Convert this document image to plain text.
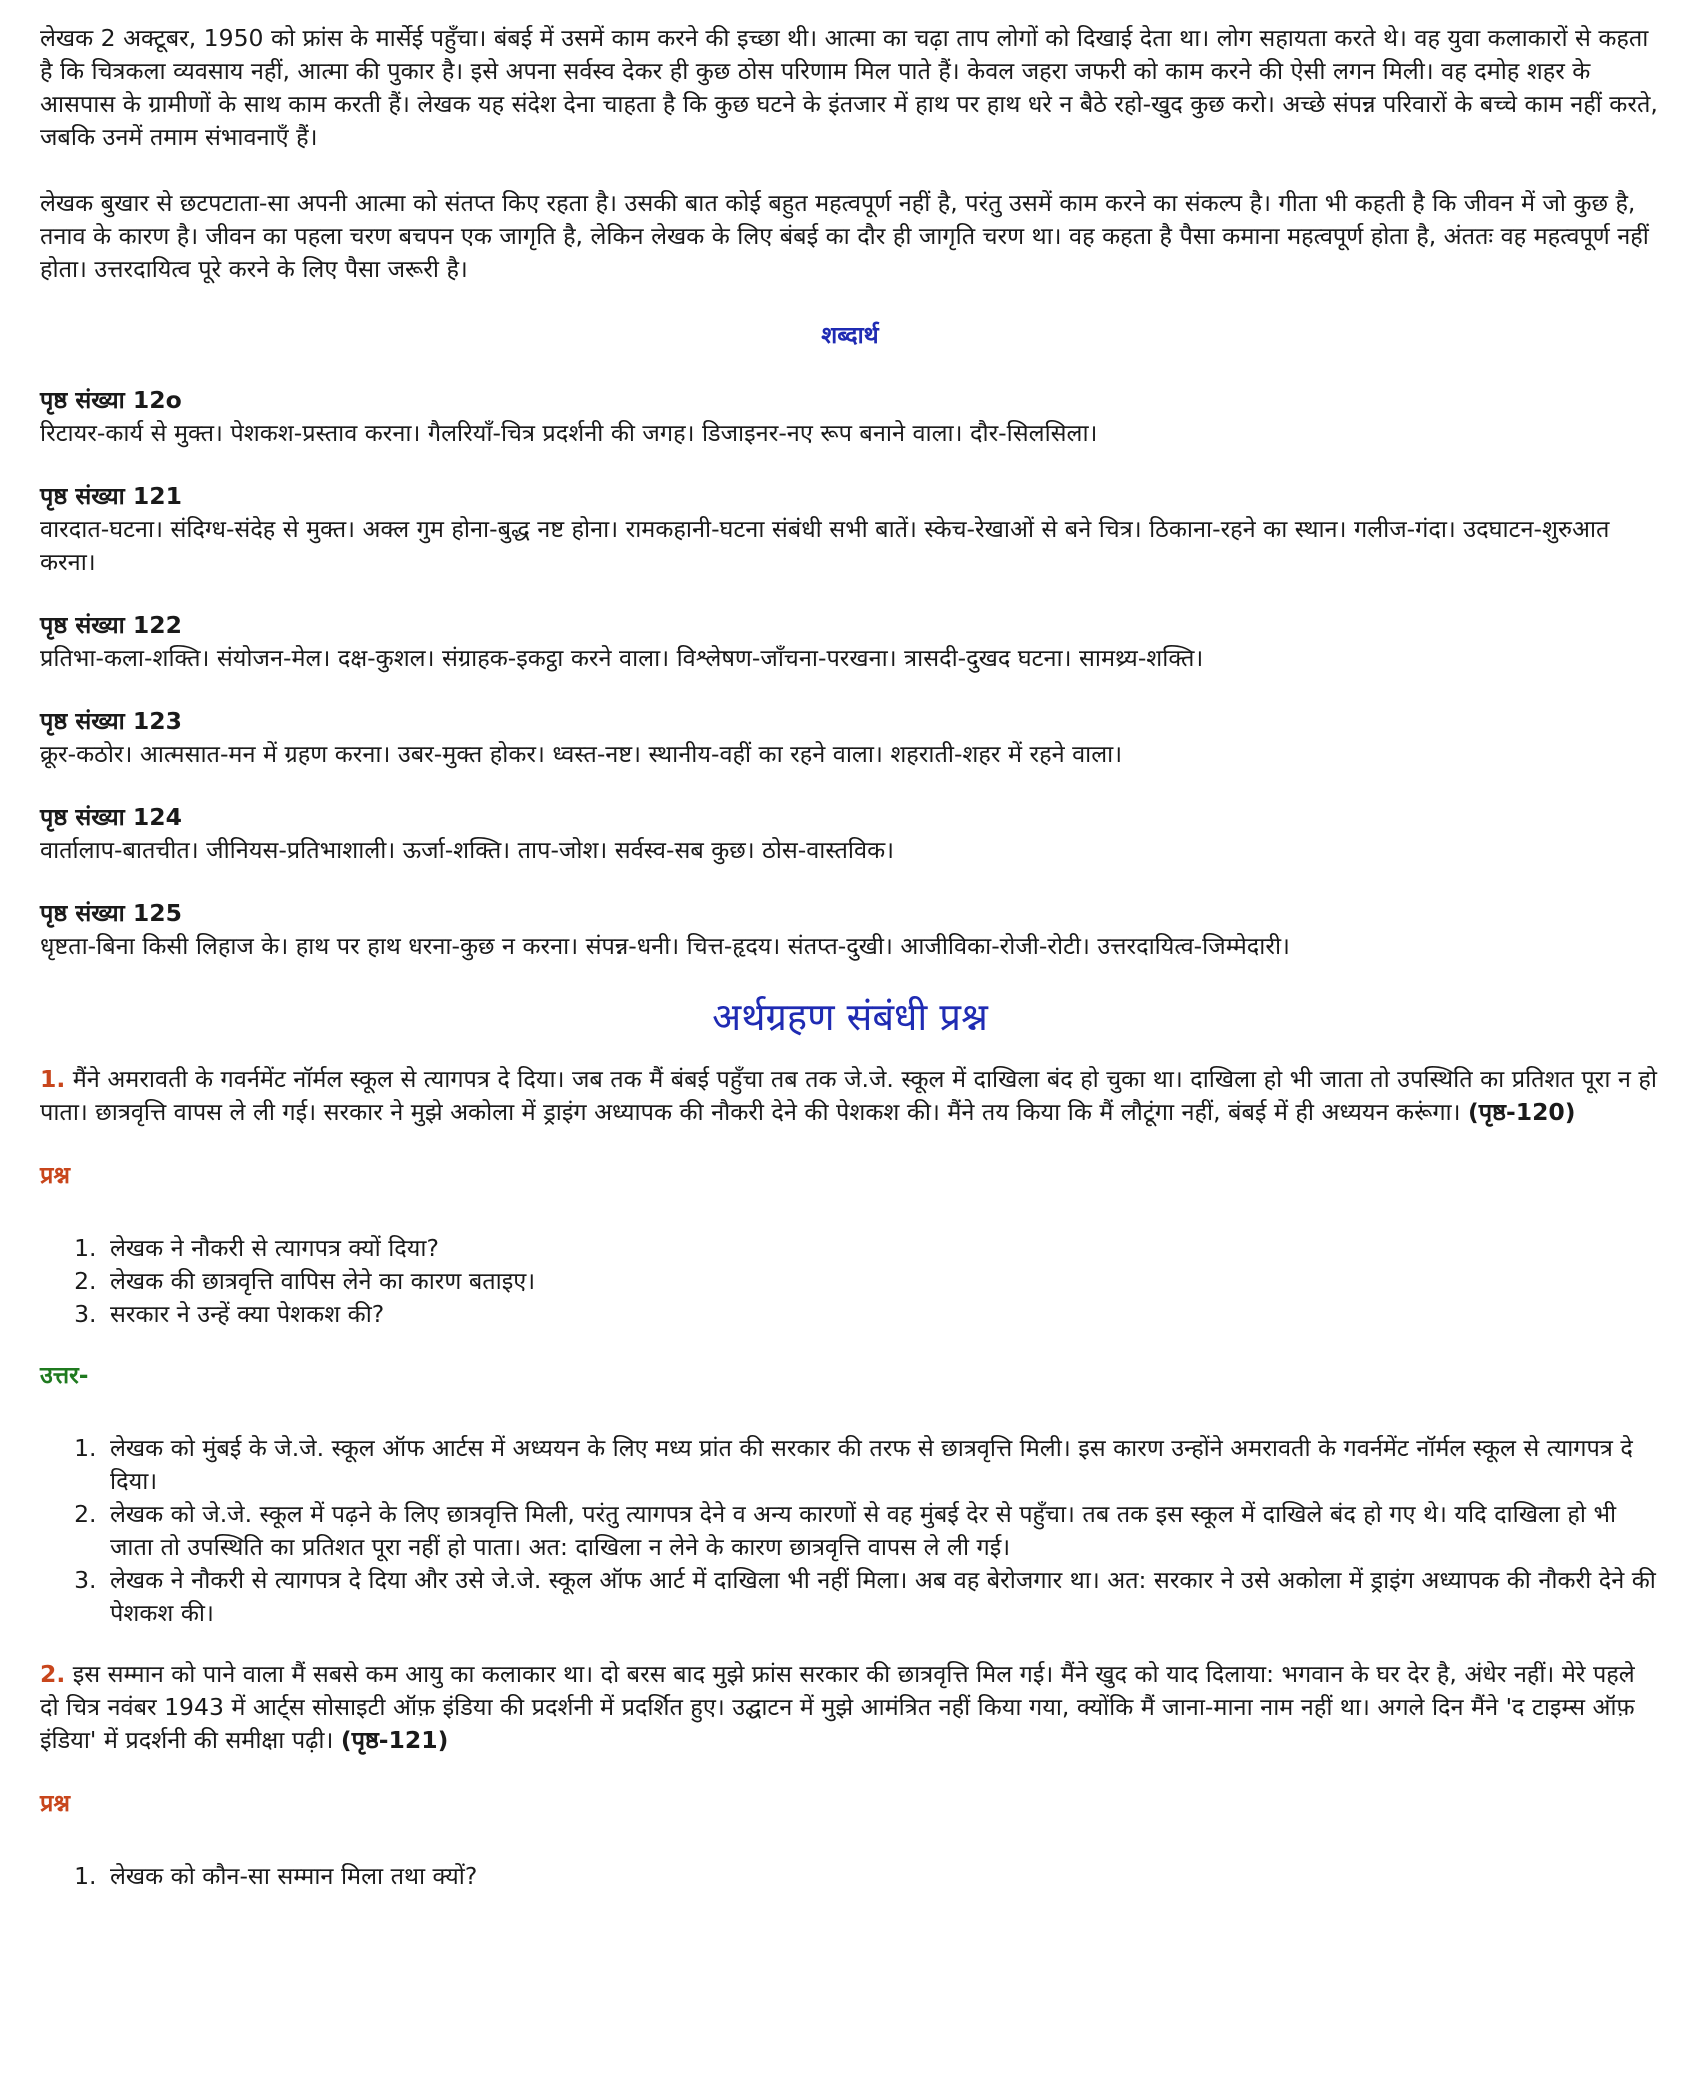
लेखक 2 अक्टूबर, 1950 को फ्रांस के मार्सेई पहुँचा। बंबई में उसमें काम करने की इच्छा थी। आत्मा का चढ़ा ताप लोगों को दिखाई देता था। लोग सहायता करते थे। वह युवा कलाकारों से कहता है कि चित्रकला व्यवसाय नहीं, आत्मा की पुकार है। इसे अपना सर्वस्व देकर ही कुछ ठोस परिणाम मिल पाते हैं। केवल जहरा जफरी को काम करने की ऐसी लगन मिली। वह दमोह शहर के आसपास के ग्रामीणों के साथ काम करती हैं। लेखक यह संदेश देना चाहता है कि कुछ घटने के इंतजार में हाथ पर हाथ धरे न बैठे रहो-खुद कुछ करो। अच्छे संपन्न परिवारों के बच्चे काम नहीं करते, जबकि उनमें तमाम संभावनाएँ हैं।

लेखक बुखार से छटपटाता-सा अपनी आत्मा को संतप्त किए रहता है। उसकी बात कोई बहुत महत्वपूर्ण नहीं है, परंतु उसमें काम करने का संकल्प है। गीता भी कहती है कि जीवन में जो कुछ है, तनाव के कारण है। जीवन का पहला चरण बचपन एक जागृति है, लेकिन लेखक के लिए बंबई का दौर ही जागृति चरण था। वह कहता है पैसा कमाना महत्वपूर्ण होता है, अंततः वह महत्वपूर्ण नहीं होता। उत्तरदायित्व पूरे करने के लिए पैसा जरूरी है।

शब्दार्थ
पृष्ठ संख्या 12o
रिटायर-कार्य से मुक्त। पेशकश-प्रस्ताव करना। गैलरियाँ-चित्र प्रदर्शनी की जगह। डिजाइनर-नए रूप बनाने वाला। दौर-सिलसिला।
पृष्ठ संख्या 121
वारदात-घटना। संदिग्ध-संदेह से मुक्त। अक्ल गुम होना-बुद्ध नष्ट होना। रामकहानी-घटना संबंधी सभी बातें। स्केच-रेखाओं से बने चित्र। ठिकाना-रहने का स्थान। गलीज-गंदा। उदघाटन-शुरुआत करना।
पृष्ठ संख्या 122
प्रतिभा-कला-शक्ति। संयोजन-मेल। दक्ष-कुशल। संग्राहक-इकट्ठा करने वाला। विश्लेषण-जाँचना-परखना। त्रासदी-दुखद घटना। सामथ्र्य-शक्ति।
पृष्ठ संख्या 123
क्रूर-कठोर। आत्मसात-मन में ग्रहण करना। उबर-मुक्त होकर। ध्वस्त-नष्ट। स्थानीय-वहीं का रहने वाला। शहराती-शहर में रहने वाला।
पृष्ठ संख्या 124
वार्तालाप-बातचीत। जीनियस-प्रतिभाशाली। ऊर्जा-शक्ति। ताप-जोश। सर्वस्व-सब कुछ। ठोस-वास्तविक।
पृष्ठ संख्या 125
धृष्टता-बिना किसी लिहाज के। हाथ पर हाथ धरना-कुछ न करना। संपन्न-धनी। चित्त-हृदय। संतप्त-दुखी। आजीविका-रोजी-रोटी। उत्तरदायित्व-जिम्मेदारी।
अर्थग्रहण संबंधी प्रश्न

1. मैंने अमरावती के गवर्नमेंट नॉर्मल स्कूल से त्यागपत्र दे दिया। जब तक मैं बंबई पहुँचा तब तक जे.जे. स्कूल में दाखिला बंद हो चुका था। दाखिला हो भी जाता तो उपस्थिति का प्रतिशत पूरा न हो पाता। छात्रवृत्ति वापस ले ली गई। सरकार ने मुझे अकोला में ड्राइंग अध्यापक की नौकरी देने की पेशकश की। मैंने तय किया कि मैं लौटूंगा नहीं, बंबई में ही अध्ययन करूंगा। (पृष्ठ-120)

प्रश्न
1. लेखक ने नौकरी से त्यागपत्र क्यों दिया?
2. लेखक की छात्रवृत्ति वापिस लेने का कारण बताइए।
3. सरकार ने उन्हें क्या पेशकश की?
उत्तर-
1. लेखक को मुंबई के जे.जे. स्कूल ऑफ आर्टस में अध्ययन के लिए मध्य प्रांत की सरकार की तरफ से छात्रवृत्ति मिली। इस कारण उन्होंने अमरावती के गवर्नमेंट नॉर्मल स्कूल से त्यागपत्र दे दिया।
2. लेखक को जे.जे. स्कूल में पढ़ने के लिए छात्रवृत्ति मिली, परंतु त्यागपत्र देने व अन्य कारणों से वह मुंबई देर से पहुँचा। तब तक इस स्कूल में दाखिले बंद हो गए थे। यदि दाखिला हो भी जाता तो उपस्थिति का प्रतिशत पूरा नहीं हो पाता। अत: दाखिला न लेने के कारण छात्रवृत्ति वापस ले ली गई।
3. लेखक ने नौकरी से त्यागपत्र दे दिया और उसे जे.जे. स्कूल ऑफ आर्ट में दाखिला भी नहीं मिला। अब वह बेरोजगार था। अत: सरकार ने उसे अकोला में ड्राइंग अध्यापक की नौकरी देने की पेशकश की।

2. इस सम्मान को पाने वाला मैं सबसे कम आयु का कलाकार था। दो बरस बाद मुझे फ्रांस सरकार की छात्रवृत्ति मिल गई। मैंने खुद को याद दिलाया: भगवान के घर देर है, अंधेर नहीं। मेरे पहले दो चित्र नवंबर 1943 में आर्ट्स सोसाइटी ऑफ़ इंडिया की प्रदर्शनी में प्रदर्शित हुए। उद्घाटन में मुझे आमंत्रित नहीं किया गया, क्योंकि मैं जाना-माना नाम नहीं था। अगले दिन मैंने 'द टाइम्स ऑफ़ इंडिया' में प्रदर्शनी की समीक्षा पढ़ी। (पृष्ठ-121)

प्रश्न
1. लेखक को कौन-सा सम्मान मिला तथा क्यों?
